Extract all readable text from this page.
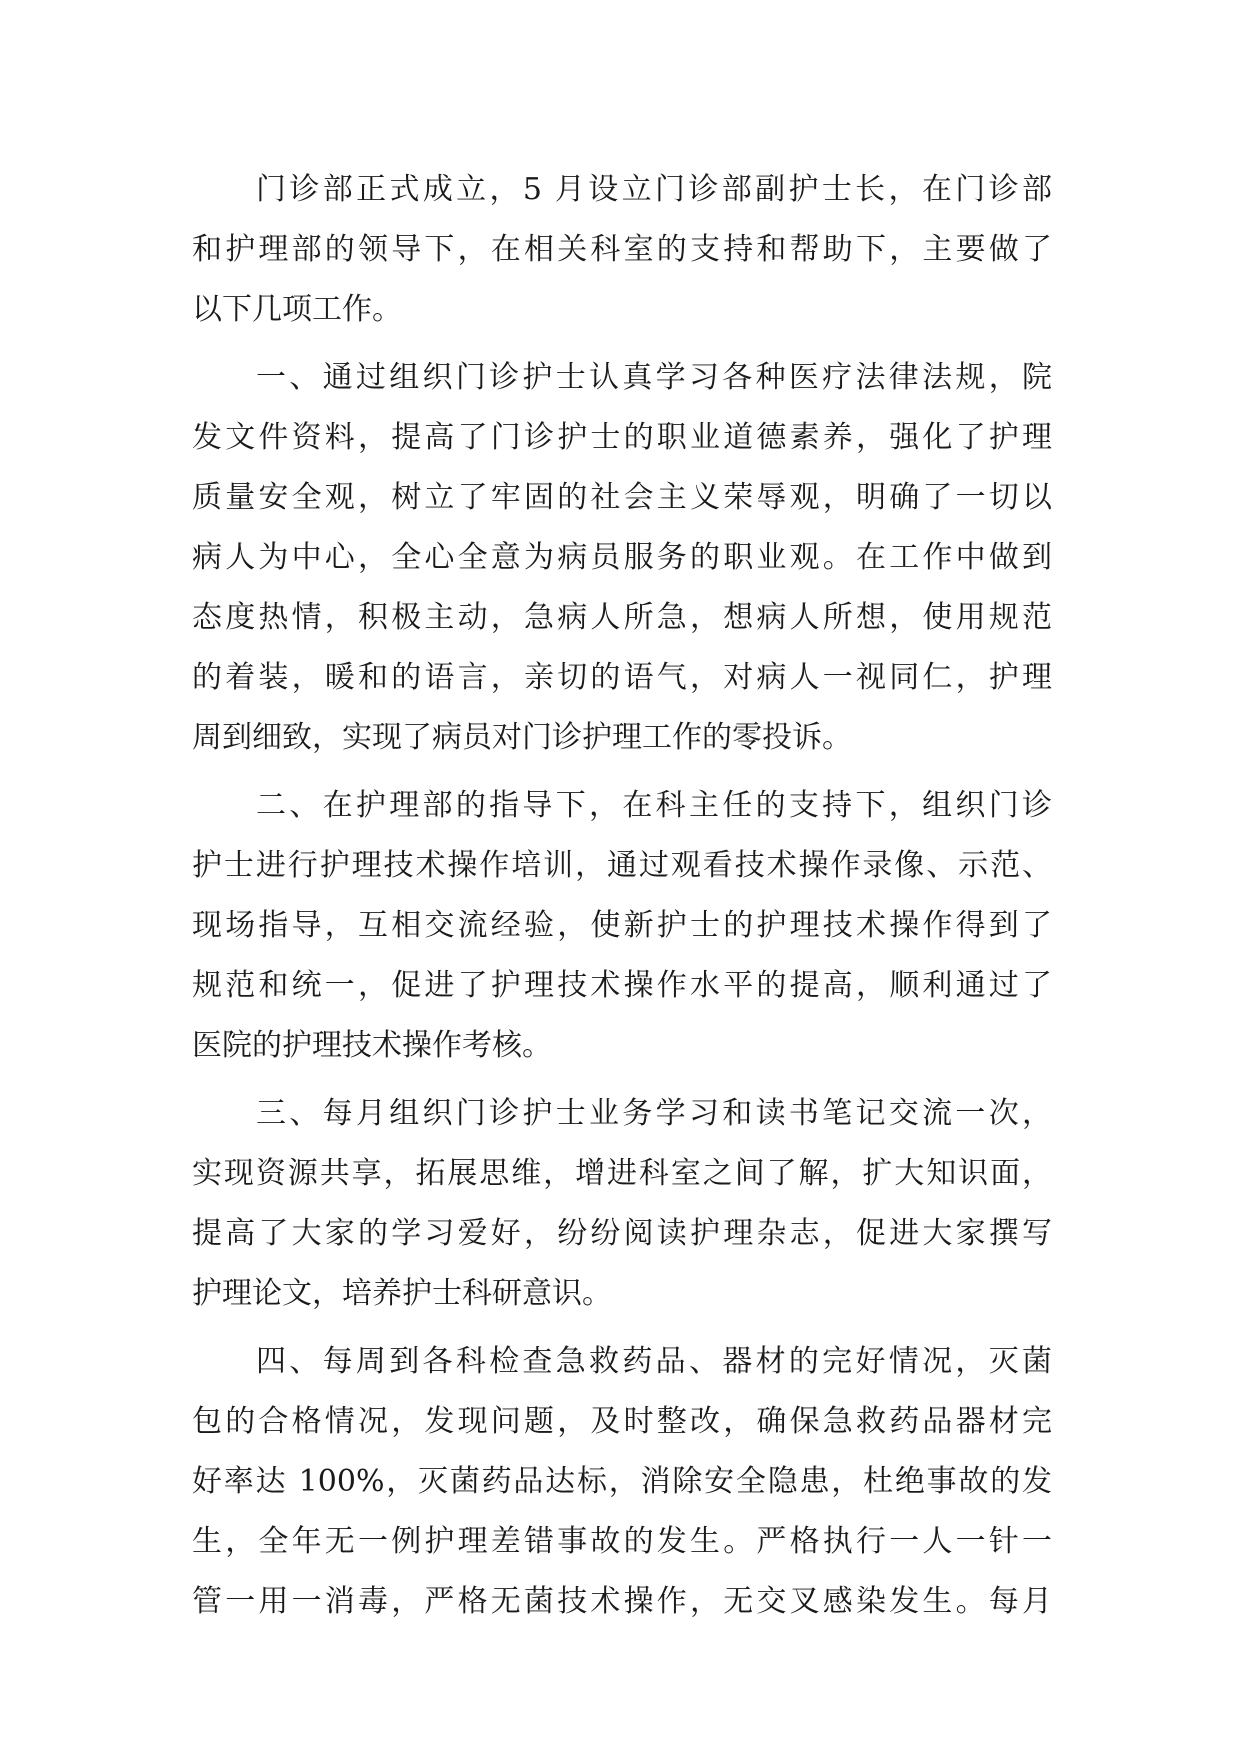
门诊部正式成立，5 月设立门诊部副护士长，在门诊部
和护理部的领导下，在相关科室的支持和帮助下，主要做了
以下几项工作。
一、通过组织门诊护士认真学习各种医疗法律法规，院
发文件资料，提高了门诊护士的职业道德素养，强化了护理
质量安全观，树立了牢固的社会主义荣辱观，明确了一切以
病人为中心，全心全意为病员服务的职业观。在工作中做到
态度热情，积极主动，急病人所急，想病人所想，使用规范
的着装，暖和的语言，亲切的语气，对病人一视同仁，护理
周到细致，实现了病员对门诊护理工作的零投诉。
二、在护理部的指导下，在科主任的支持下，组织门诊
护士进行护理技术操作培训，通过观看技术操作录像、示范、
现场指导，互相交流经验，使新护士的护理技术操作得到了
规范和统一，促进了护理技术操作水平的提高，顺利通过了
医院的护理技术操作考核。
三、每月组织门诊护士业务学习和读书笔记交流一次，
实现资源共享，拓展思维，增进科室之间了解，扩大知识面，
提高了大家的学习爱好，纷纷阅读护理杂志，促进大家撰写
护理论文，培养护士科研意识。
四、每周到各科检查急救药品、器材的完好情况，灭菌
包的合格情况，发现问题，及时整改，确保急救药品器材完
好率达 100%，灭菌药品达标，消除安全隐患，杜绝事故的发
生，全年无一例护理差错事故的发生。严格执行一人一针一
管一用一消毒，严格无菌技术操作，无交叉感染发生。每月
